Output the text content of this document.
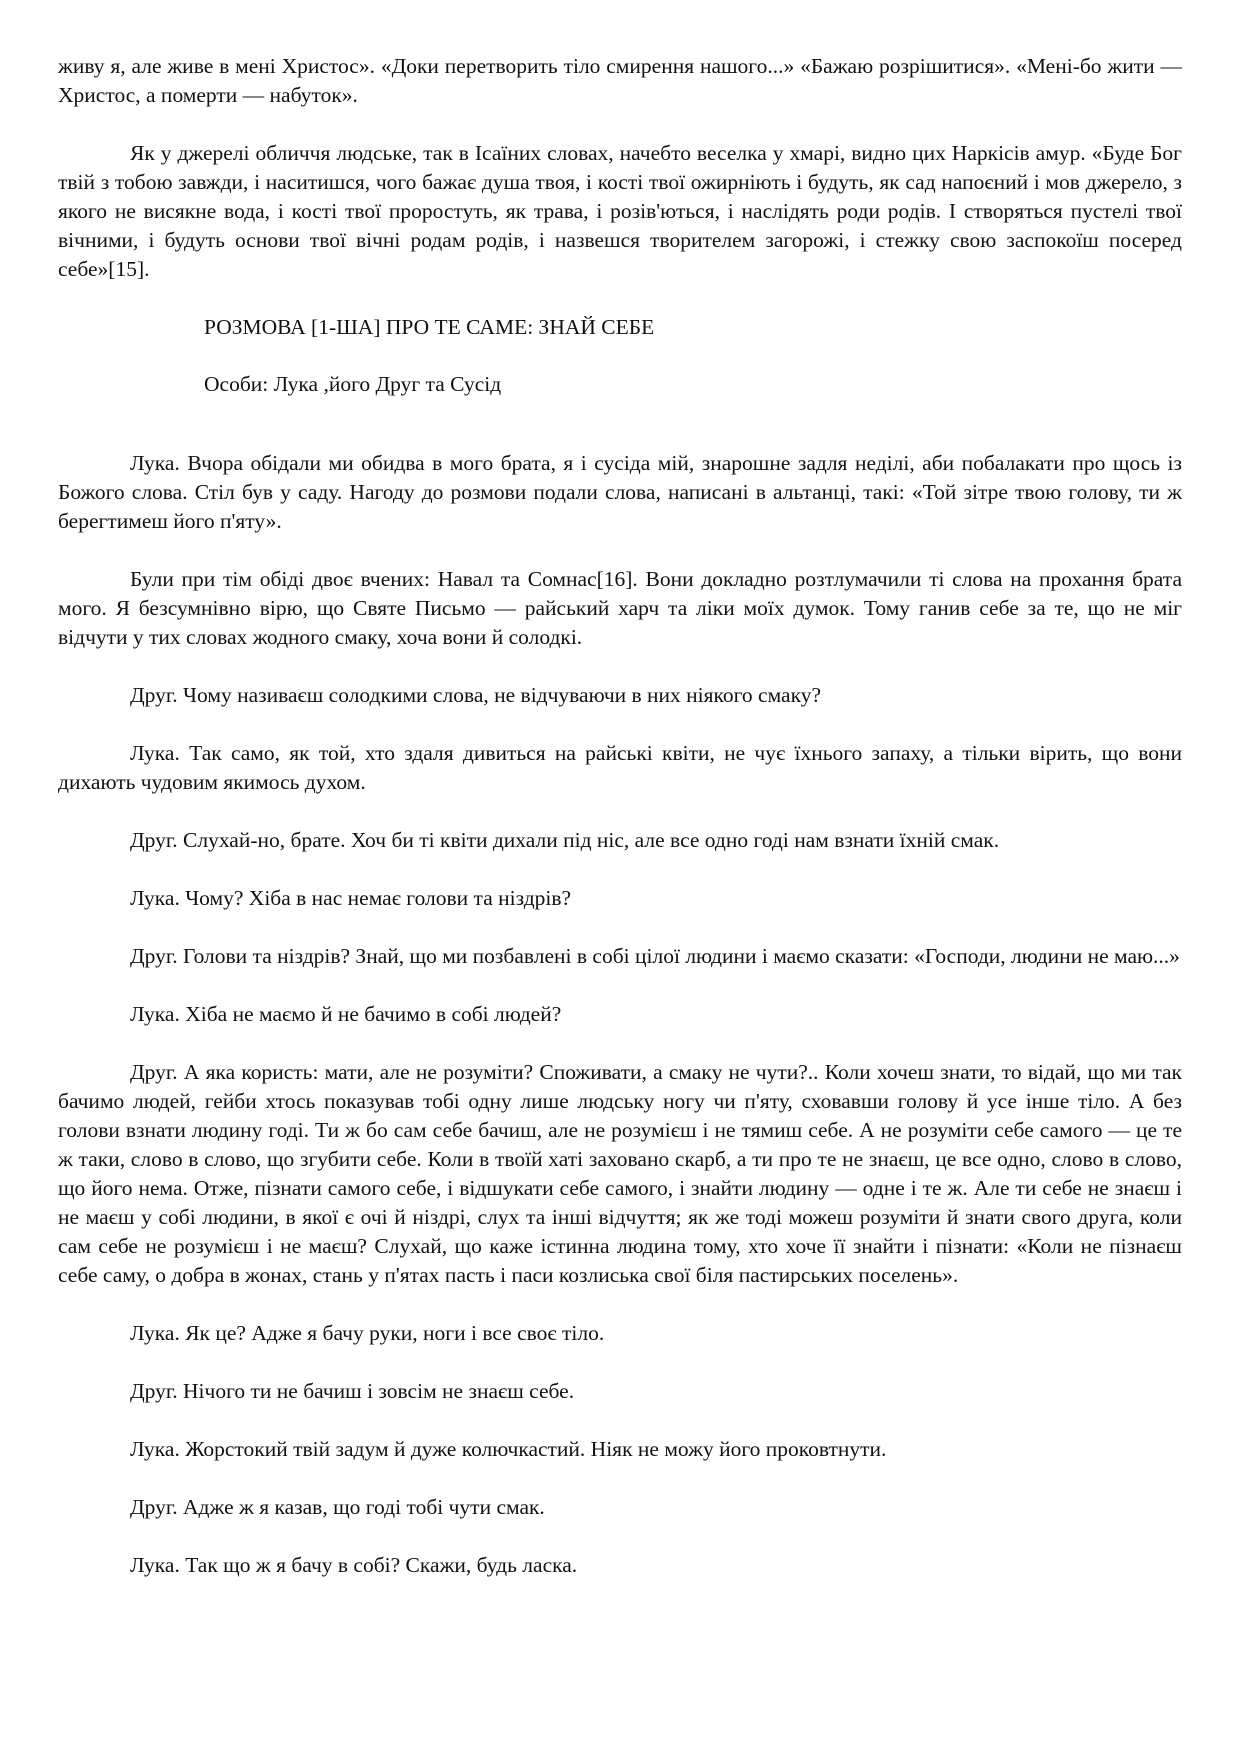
живу я, але живе в мені Христос». «Доки перетворить тіло смирення нашого...» «Бажаю розрішитися». «Мені-бо жити — Христос, а померти — набуток».

Як у джерелі обличчя людське, так в Ісаїних словах, начебто веселка у хмарі, видно цих Наркісів амур. «Буде Бог твій з тобою завжди, і наситишся, чого бажає душа твоя, і кості твої ожирніють і будуть, як сад напоєний і мов джерело, з якого не висякне вода, і кості твої проростуть, як трава, і розів'ються, і наслідять роди родів. І створяться пустелі твої вічними, і будуть основи твої вічні родам родів, і назвешся творителем загорожі, і стежку свою заспокоїш посеред себе»[15].

РОЗМОВА [1-ША] ПРО ТЕ САМЕ: ЗНАЙ СЕБЕ
Особи: Лука ,його Друг та Сусід

Лука. Вчора обідали ми обидва в мого брата, я і сусіда мій, знарошне задля неділі, аби побалакати про щось із Божого слова. Стіл був у саду. Нагоду до розмови подали слова, написані в альтанці, такі: «Той зітре твою голову, ти ж берегтимеш його п'яту».

Були при тім обіді двоє вчених: Навал та Сомнас[16]. Вони докладно розтлумачили ті слова на прохання брата мого. Я безсумнівно вірю, що Святе Письмо — райський харч та ліки моїх думок. Тому ганив себе за те, що не міг відчути у тих словах жодного смаку, хоча вони й солодкі.

Друг. Чому називаєш солодкими слова, не відчуваючи в них ніякого смаку?

Лука. Так само, як той, хто здаля дивиться на райські квіти, не чує їхнього запаху, а тільки вірить, що вони дихають чудовим якимось духом.

Друг. Слухай-но, брате. Хоч би ті квіти дихали під ніс, але все одно годі нам взнати їхній смак.

Лука. Чому? Хіба в нас немає голови та ніздрів?

Друг. Голови та ніздрів? Знай, що ми позбавлені в собі цілої людини і маємо сказати: «Господи, людини не маю...»

Лука. Хіба не маємо й не бачимо в собі людей?

Друг. А яка користь: мати, але не розуміти? Споживати, а смаку не чути?.. Коли хочеш знати, то відай, що ми так бачимо людей, гейби хтось показував тобі одну лише людську ногу чи п'яту, сховавши голову й усе інше тіло. А без голови взнати людину годі. Ти ж бо сам себе бачиш, але не розумієш і не тямиш себе. А не розуміти себе самого — це те ж таки, слово в слово, що згубити себе. Коли в твоїй хаті заховано скарб, а ти про те не знаєш, це все одно, слово в слово, що його нема. Отже, пізнати самого себе, і відшукати себе самого, і знайти людину — одне і те ж. Але ти себе не знаєш і не маєш у собі людини, в якої є очі й ніздрі, слух та інші відчуття; як же тоді можеш розуміти й знати свого друга, коли сам себе не розумієш і не маєш? Слухай, що каже істинна людина тому, хто хоче її знайти і пізнати: «Коли не пізнаєш себе саму, о добра в жонах, стань у п'ятах пасть і паси козлиська свої біля пастирських поселень».

Лука. Як це? Адже я бачу руки, ноги і все своє тіло.

Друг. Нічого ти не бачиш і зовсім не знаєш себе.

Лука. Жорстокий твій задум й дуже колючкастий. Ніяк не можу його проковтнути.

Друг. Адже ж я казав, що годі тобі чути смак.

Лука. Так що ж я бачу в собі? Скажи, будь ласка.
